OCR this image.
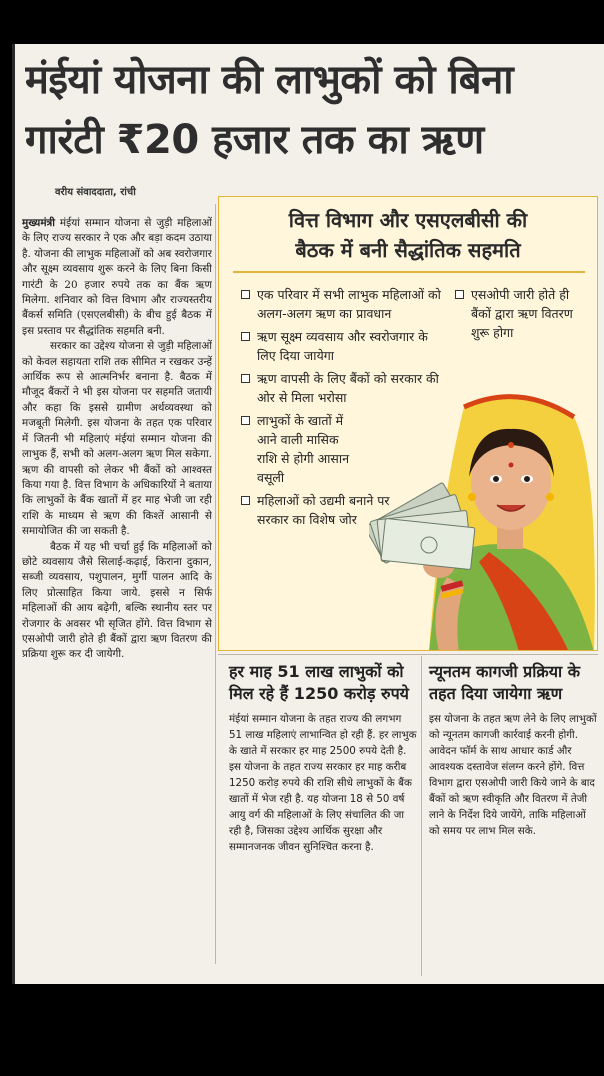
मंईयां योजना की लाभुकों को बिना
गारंटी ₹20 हजार तक का ऋण
वरीय संवाददाता, रांची

मुख्यमंत्री मंईयां सम्मान योजना से जुड़ी महिलाओं के लिए राज्य सरकार ने एक और बड़ा कदम उठाया है. योजना की लाभुक महिलाओं को अब स्वरोजगार और सूक्ष्म व्यवसाय शुरू करने के लिए बिना किसी गारंटी के 20 हजार रुपये तक का बैंक ऋण मिलेगा. शनिवार को वित्त विभाग और राज्यस्तरीय बैंकर्स समिति (एसएलबीसी) के बीच हुई बैठक में इस प्रस्ताव पर सैद्धांतिक सहमति बनी.

सरकार का उद्देश्य योजना से जुड़ी महिलाओं को केवल सहायता राशि तक सीमित न रखकर उन्हें आर्थिक रूप से आत्मनिर्भर बनाना है. बैठक में मौजूद बैंकरों ने भी इस योजना पर सहमति जतायी और कहा कि इससे ग्रामीण अर्थव्यवस्था को मजबूती मिलेगी. इस योजना के तहत एक परिवार में जितनी भी महिलाएं मंईयां सम्मान योजना की लाभुक हैं, सभी को अलग-अलग ऋण मिल सकेगा. ऋण की वापसी को लेकर भी बैंकों को आश्वस्त किया गया है. वित्त विभाग के अधिकारियों ने बताया कि लाभुकों के बैंक खातों में हर माह भेजी जा रही राशि के माध्यम से ऋण की किश्तें आसानी से समायोजित की जा सकती है.

बैठक में यह भी चर्चा हुई कि महिलाओं को छोटे व्यवसाय जैसे सिलाई-कढ़ाई, किराना दुकान, सब्जी व्यवसाय, पशुपालन, मुर्गी पालन आदि के लिए प्रोत्साहित किया जाये. इससे न सिर्फ महिलाओं की आय बढ़ेगी, बल्कि स्थानीय स्तर पर रोजगार के अवसर भी सृजित होंगे. वित्त विभाग से एसओपी जारी होते ही बैंकों द्वारा ऋण वितरण की प्रक्रिया शुरू कर दी जायेगी.

वित्त विभाग और एसएलबीसी की
बैठक में बनी सैद्धांतिक सहमति
एक परिवार में सभी लाभुक महिलाओं को अलग-अलग ऋण का प्रावधान
ऋण सूक्ष्म व्यवसाय और स्वरोजगार के लिए दिया जायेगा
ऋण वापसी के लिए बैंकों को सरकार की ओर से मिला भरोसा
लाभुकों के खातों में आने वाली मासिक राशि से होगी आसान वसूली
महिलाओं को उद्यमी बनाने पर सरकार का विशेष जोर
एसओपी जारी होते ही बैंकों द्वारा ऋण वितरण शुरू होगा
हर माह 51 लाख लाभुकों को मिल रहे हैं 1250 करोड़ रुपये

मंईयां सम्मान योजना के तहत राज्य की लगभग 51 लाख महिलाएं लाभान्वित हो रही हैं. हर लाभुक के खाते में सरकार हर माह 2500 रुपये देती है. इस योजना के तहत राज्य सरकार हर माह करीब 1250 करोड़ रुपये की राशि सीधे लाभुकों के बैंक खातों में भेज रही है. यह योजना 18 से 50 वर्ष आयु वर्ग की महिलाओं के लिए संचालित की जा रही है, जिसका उद्देश्य आर्थिक सुरक्षा और सम्मानजनक जीवन सुनिश्चित करना है.

न्यूनतम कागजी प्रक्रिया के तहत दिया जायेगा ऋण

इस योजना के तहत ऋण लेने के लिए लाभुकों को न्यूनतम कागजी कार्रवाई करनी होगी. आवेदन फॉर्म के साथ आधार कार्ड और आवश्यक दस्तावेज संलग्न करने होंगे. वित्त विभाग द्वारा एसओपी जारी किये जाने के बाद बैंकों को ऋण स्वीकृति और वितरण में तेजी लाने के निर्देश दिये जायेंगे, ताकि महिलाओं को समय पर लाभ मिल सके.
